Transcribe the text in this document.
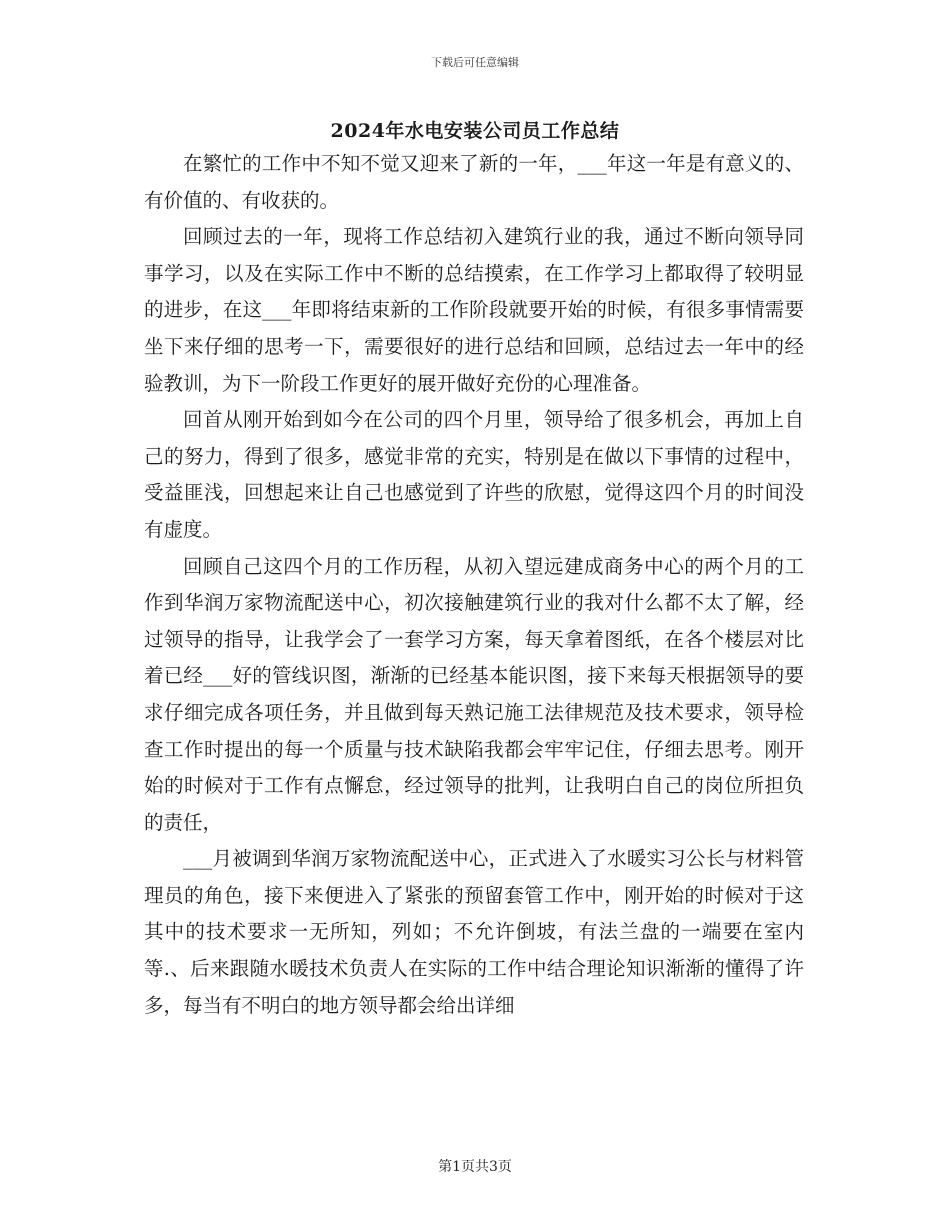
下载后可任意编辑
2024年水电安装公司员工作总结

在繁忙的工作中不知不觉又迎来了新的一年，___年这一年是有意义的、有价值的、有收获的。

回顾过去的一年，现将工作总结初入建筑行业的我，通过不断向领导同事学习，以及在实际工作中不断的总结摸索，在工作学习上都取得了较明显的进步，在这___年即将结束新的工作阶段就要开始的时候，有很多事情需要坐下来仔细的思考一下，需要很好的进行总结和回顾，总结过去一年中的经验教训，为下一阶段工作更好的展开做好充份的心理准备。

回首从刚开始到如今在公司的四个月里，领导给了很多机会，再加上自己的努力，得到了很多，感觉非常的充实，特别是在做以下事情的过程中，受益匪浅，回想起来让自己也感觉到了许些的欣慰，觉得这四个月的时间没有虚度。

回顾自己这四个月的工作历程，从初入望远建成商务中心的两个月的工作到华润万家物流配送中心，初次接触建筑行业的我对什么都不太了解，经过领导的指导，让我学会了一套学习方案，每天拿着图纸，在各个楼层对比着已经___好的管线识图，渐渐的已经基本能识图，接下来每天根据领导的要求仔细完成各项任务，并且做到每天熟记施工法律规范及技术要求，领导检查工作时提出的每一个质量与技术缺陷我都会牢牢记住，仔细去思考。刚开始的时候对于工作有点懈怠，经过领导的批判，让我明白自己的岗位所担负的责任，

___月被调到华润万家物流配送中心，正式进入了水暖实习公长与材料管理员的角色，接下来便进入了紧张的预留套管工作中，刚开始的时候对于这其中的技术要求一无所知，列如；不允许倒坡，有法兰盘的一端要在室内等.、后来跟随水暖技术负责人在实际的工作中结合理论知识渐渐的懂得了许多，每当有不明白的地方领导都会给出详细

第1页共3页
